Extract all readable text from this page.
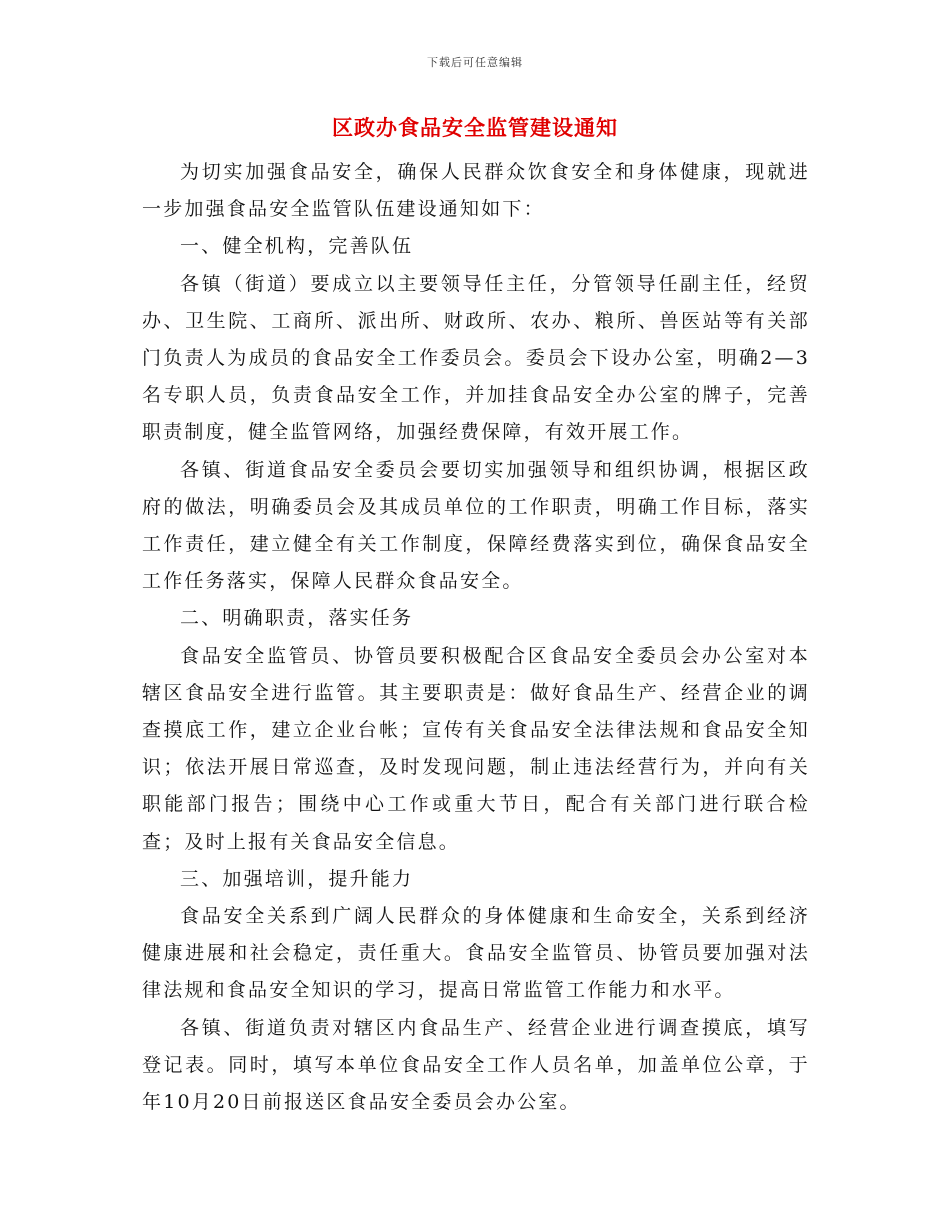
下载后可任意编辑
区政办食品安全监管建设通知

为切实加强食品安全，确保人民群众饮食安全和身体健康，现就进一步加强食品安全监管队伍建设通知如下：

一、健全机构，完善队伍

各镇（街道）要成立以主要领导任主任，分管领导任副主任，经贸办、卫生院、工商所、派出所、财政所、农办、粮所、兽医站等有关部门负责人为成员的食品安全工作委员会。委员会下设办公室，明确2—3名专职人员，负责食品安全工作，并加挂食品安全办公室的牌子，完善职责制度，健全监管网络，加强经费保障，有效开展工作。

各镇、街道食品安全委员会要切实加强领导和组织协调，根据区政府的做法，明确委员会及其成员单位的工作职责，明确工作目标，落实工作责任，建立健全有关工作制度，保障经费落实到位，确保食品安全工作任务落实，保障人民群众食品安全。

二、明确职责，落实任务

食品安全监管员、协管员要积极配合区食品安全委员会办公室对本辖区食品安全进行监管。其主要职责是：做好食品生产、经营企业的调查摸底工作，建立企业台帐；宣传有关食品安全法律法规和食品安全知识；依法开展日常巡查，及时发现问题，制止违法经营行为，并向有关职能部门报告；围绕中心工作或重大节日，配合有关部门进行联合检查；及时上报有关食品安全信息。

三、加强培训，提升能力

食品安全关系到广阔人民群众的身体健康和生命安全，关系到经济健康进展和社会稳定，责任重大。食品安全监管员、协管员要加强对法律法规和食品安全知识的学习，提高日常监管工作能力和水平。

各镇、街道负责对辖区内食品生产、经营企业进行调查摸底，填写登记表。同时，填写本单位食品安全工作人员名单，加盖单位公章，于年10月20日前报送区食品安全委员会办公室。
